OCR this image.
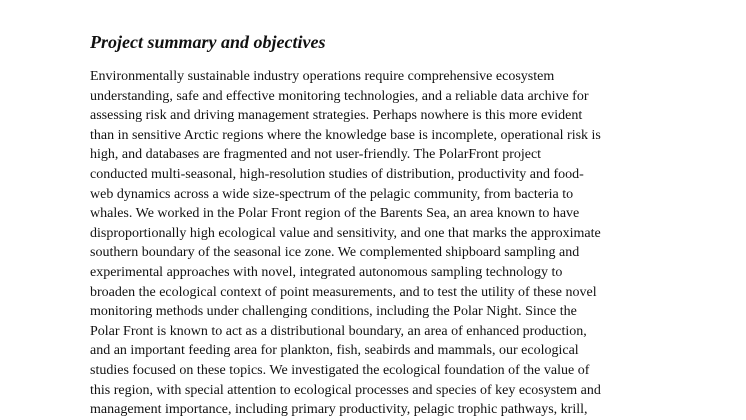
Project summary and objectives
Environmentally sustainable industry operations require comprehensive ecosystem
understanding, safe and effective monitoring technologies, and a reliable data archive for
assessing risk and driving management strategies. Perhaps nowhere is this more evident
than in sensitive Arctic regions where the knowledge base is incomplete, operational risk is
high, and databases are fragmented and not user-friendly. The PolarFront project
conducted multi-seasonal, high-resolution studies of distribution, productivity and food-
web dynamics across a wide size-spectrum of the pelagic community, from bacteria to
whales. We worked in the Polar Front region of the Barents Sea, an area known to have
disproportionally high ecological value and sensitivity, and one that marks the approximate
southern boundary of the seasonal ice zone. We complemented shipboard sampling and
experimental approaches with novel, integrated autonomous sampling technology to
broaden the ecological context of point measurements, and to test the utility of these novel
monitoring methods under challenging conditions, including the Polar Night. Since the
Polar Front is known to act as a distributional boundary, an area of enhanced production,
and an important feeding area for plankton, fish, seabirds and mammals, our ecological
studies focused on these topics. We investigated the ecological foundation of the value of
this region, with special attention to ecological processes and species of key ecosystem and
management importance, including primary productivity, pelagic trophic pathways, krill,
